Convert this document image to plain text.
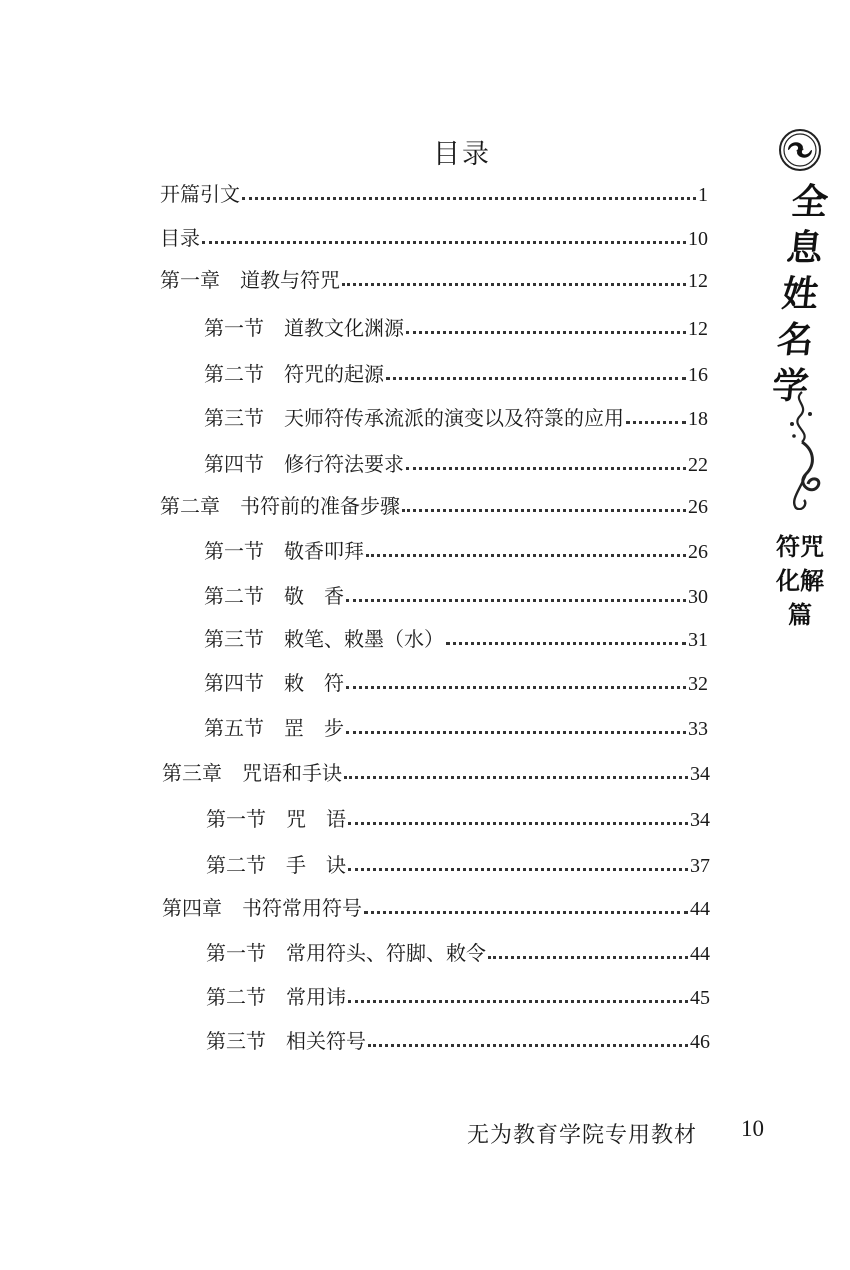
目录
开篇引文	1
目录	10
第一章 道教与符咒	12
第一节 道教文化渊源	12
第二节 符咒的起源	16
第三节 天师符传承流派的演变以及符箓的应用	18
第四节 修行符法要求	22
第二章 书符前的准备步骤	26
第一节 敬香叩拜	26
第二节 敬　香	30
第三节 敕笔、敕墨（水）	31
第四节 敕　符	32
第五节 罡　步	33
第三章 咒语和手诀	34
第一节 咒　语	34
第二节 手　诀	37
第四章 书符常用符号	44
第一节 常用符头、符脚、敕令	44
第二节 常用讳	45
第三节 相关符号	46
全息姓名学
符咒化解篇
无为教育学院专用教材 10
